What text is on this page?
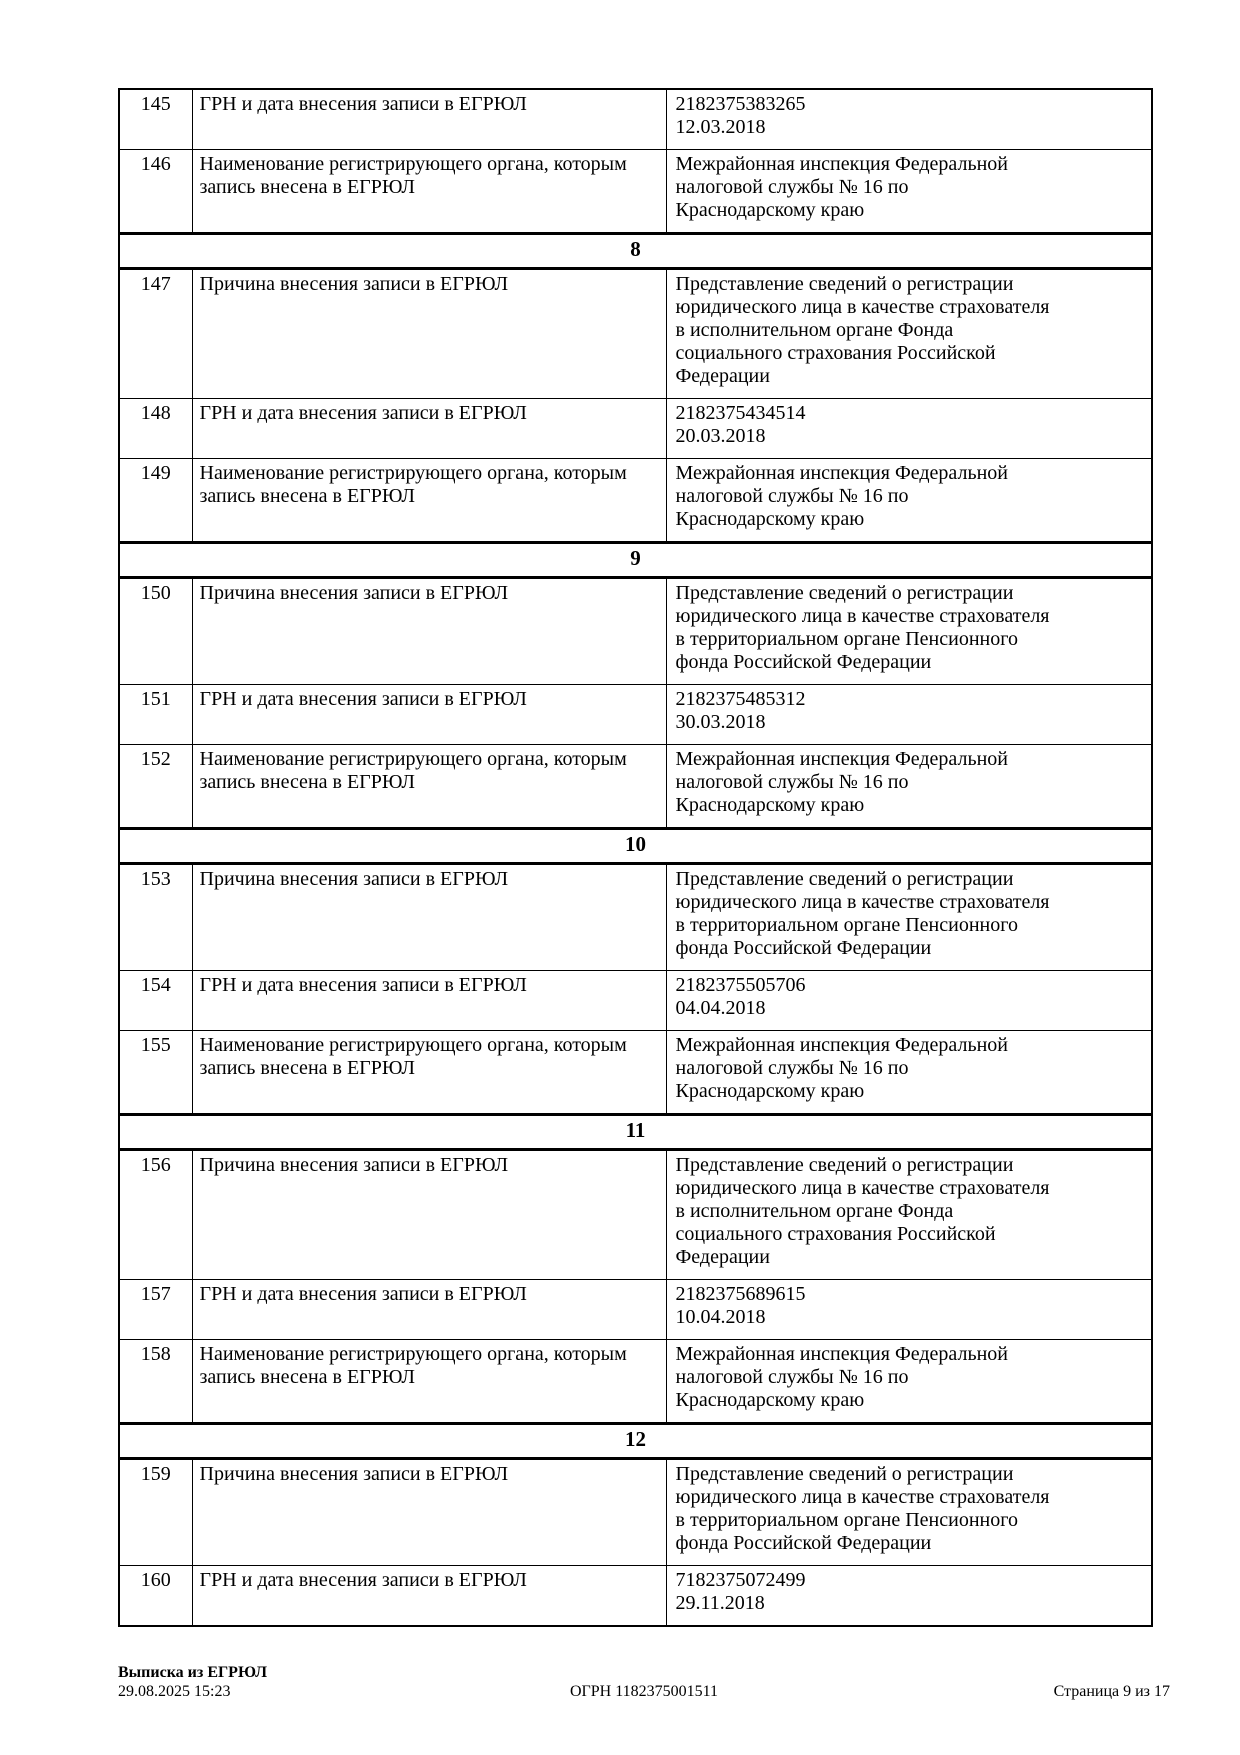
145	ГРН и дата внесения записи в ЕГРЮЛ	2182375383265
12.03.2018

146	Наименование регистрирующего органа, которым запись внесена в ЕГРЮЛ	Межрайонная инспекция Федеральной
налоговой службы № 16 по
Краснодарскому краю

8		
147	Причина внесения записи в ЕГРЮЛ	Представление сведений о регистрации
юридического лица в качестве страхователя
в исполнительном органе Фонда
социального страхования Российской
Федерации

148	ГРН и дата внесения записи в ЕГРЮЛ	2182375434514
20.03.2018

149	Наименование регистрирующего органа, которым запись внесена в ЕГРЮЛ	Межрайонная инспекция Федеральной
налоговой службы № 16 по
Краснодарскому краю

9		
150	Причина внесения записи в ЕГРЮЛ	Представление сведений о регистрации
юридического лица в качестве страхователя
в территориальном органе Пенсионного
фонда Российской Федерации

151	ГРН и дата внесения записи в ЕГРЮЛ	2182375485312
30.03.2018

152	Наименование регистрирующего органа, которым запись внесена в ЕГРЮЛ	Межрайонная инспекция Федеральной
налоговой службы № 16 по
Краснодарскому краю

10		
153	Причина внесения записи в ЕГРЮЛ	Представление сведений о регистрации
юридического лица в качестве страхователя
в территориальном органе Пенсионного
фонда Российской Федерации

154	ГРН и дата внесения записи в ЕГРЮЛ	2182375505706
04.04.2018

155	Наименование регистрирующего органа, которым запись внесена в ЕГРЮЛ	Межрайонная инспекция Федеральной
налоговой службы № 16 по
Краснодарскому краю

11		
156	Причина внесения записи в ЕГРЮЛ	Представление сведений о регистрации
юридического лица в качестве страхователя
в исполнительном органе Фонда
социального страхования Российской
Федерации

157	ГРН и дата внесения записи в ЕГРЮЛ	2182375689615
10.04.2018

158	Наименование регистрирующего органа, которым запись внесена в ЕГРЮЛ	Межрайонная инспекция Федеральной
налоговой службы № 16 по
Краснодарскому краю

12		
159	Причина внесения записи в ЕГРЮЛ	Представление сведений о регистрации
юридического лица в качестве страхователя
в территориальном органе Пенсионного
фонда Российской Федерации

160	ГРН и дата внесения записи в ЕГРЮЛ	7182375072499
29.11.2018
Выписка из ЕГРЮЛ
29.08.2025 15:23	ОГРН 1182375001511	Страница 9 из 17
